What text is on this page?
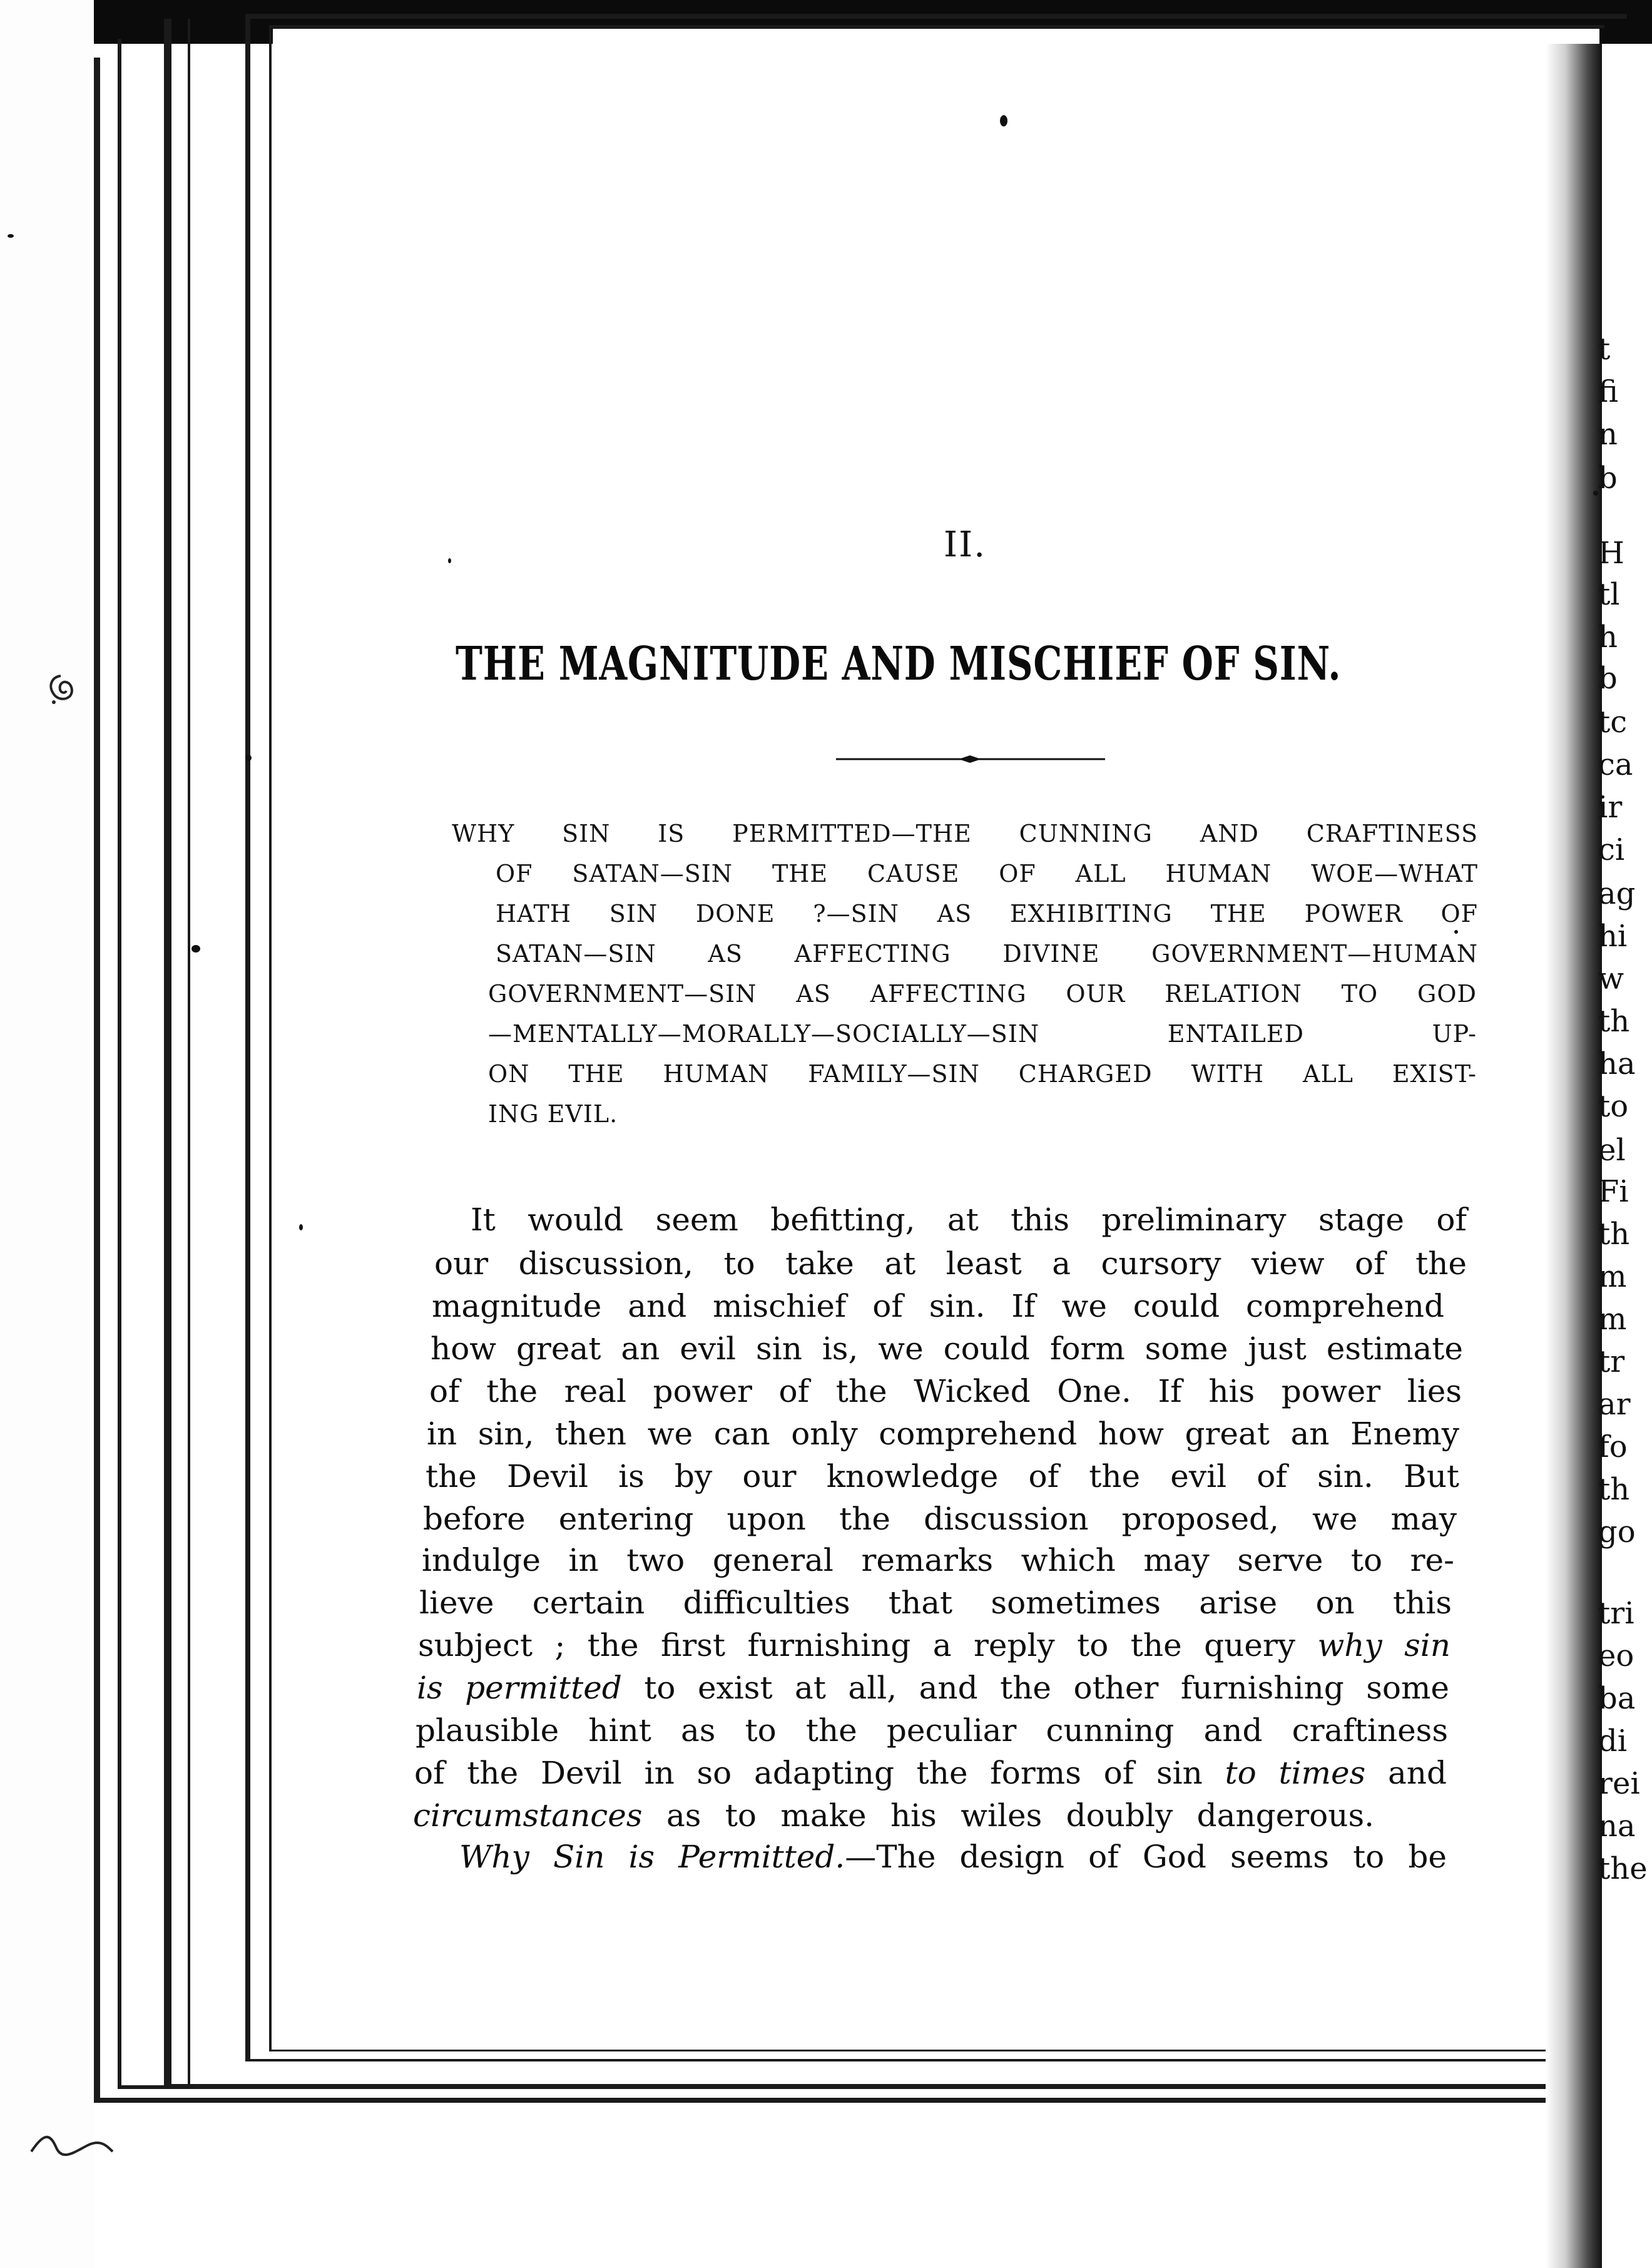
t
fi
n
b
H
tl
h
b
tc
ca
ir
ci
ag
hi
w
th
ha
to
el
Fi
th
m
m
tr
ar
fo
th
go
tri
eo
ba
di
rei
na
the
II.
THE MAGNITUDE AND MISCHIEF OF SIN.
WHY SIN IS PERMITTED—THE CUNNING AND CRAFTINESS
OF SATAN—SIN THE CAUSE OF ALL HUMAN WOE—WHAT
HATH SIN DONE ?—SIN AS EXHIBITING THE POWER OF
SATAN—SIN AS AFFECTING DIVINE GOVERNMENT—HUMAN
GOVERNMENT—SIN AS AFFECTING OUR RELATION TO GOD
—MENTALLY—MORALLY—SOCIALLY—SIN ENTAILED UP-
ON THE HUMAN FAMILY—SIN CHARGED WITH ALL EXIST-
ING EVIL.
It would seem befitting, at this preliminary stage of
our discussion, to take at least a cursory view of the
magnitude and mischief of sin. If we could comprehend
how great an evil sin is, we could form some just estimate
of the real power of the Wicked One. If his power lies
in sin, then we can only comprehend how great an Enemy
the Devil is by our knowledge of the evil of sin. But
before entering upon the discussion proposed, we may
indulge in two general remarks which may serve to re-
lieve certain difficulties that sometimes arise on this
subject ; the first furnishing a reply to the query why sin
is permitted to exist at all, and the other furnishing some
plausible hint as to the peculiar cunning and craftiness
of the Devil in so adapting the forms of sin to times and
circumstances as to make his wiles doubly dangerous.
Why Sin is Permitted.—The design of God seems to be
